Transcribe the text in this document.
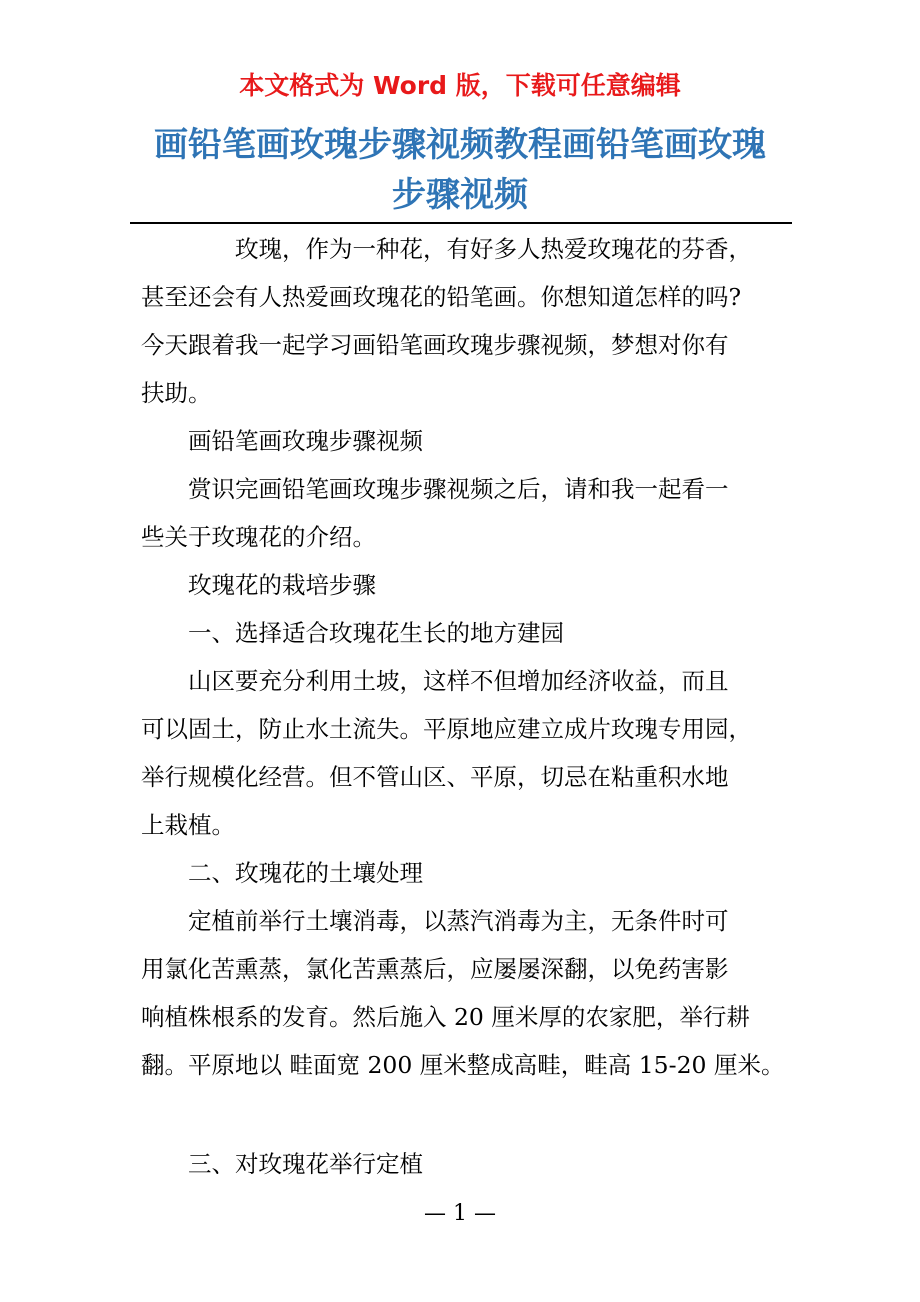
本文格式为 Word 版，下载可任意编辑
画铅笔画玫瑰步骤视频教程画铅笔画玫瑰
步骤视频
　　　　玫瑰，作为一种花，有好多人热爱玫瑰花的芬香，
甚至还会有人热爱画玫瑰花的铅笔画。你想知道怎样的吗?
今天跟着我一起学习画铅笔画玫瑰步骤视频，梦想对你有
扶助。
　　画铅笔画玫瑰步骤视频
　　赏识完画铅笔画玫瑰步骤视频之后，请和我一起看一
些关于玫瑰花的介绍。
　　玫瑰花的栽培步骤
　　一、选择适合玫瑰花生长的地方建园
　　山区要充分利用土坡，这样不但增加经济收益，而且
可以固土，防止水土流失。平原地应建立成片玫瑰专用园，
举行规模化经营。但不管山区、平原，切忌在粘重积水地
上栽植。
　　二、玫瑰花的土壤处理
　　定植前举行土壤消毒，以蒸汽消毒为主，无条件时可
用氯化苦熏蒸，氯化苦熏蒸后，应屡屡深翻，以免药害影
响植株根系的发育。然后施入 20 厘米厚的农家肥，举行耕
翻。平原地以 畦面宽 200 厘米整成高畦，畦高 15-20 厘米。
　　三、对玫瑰花举行定植
— 1 —
